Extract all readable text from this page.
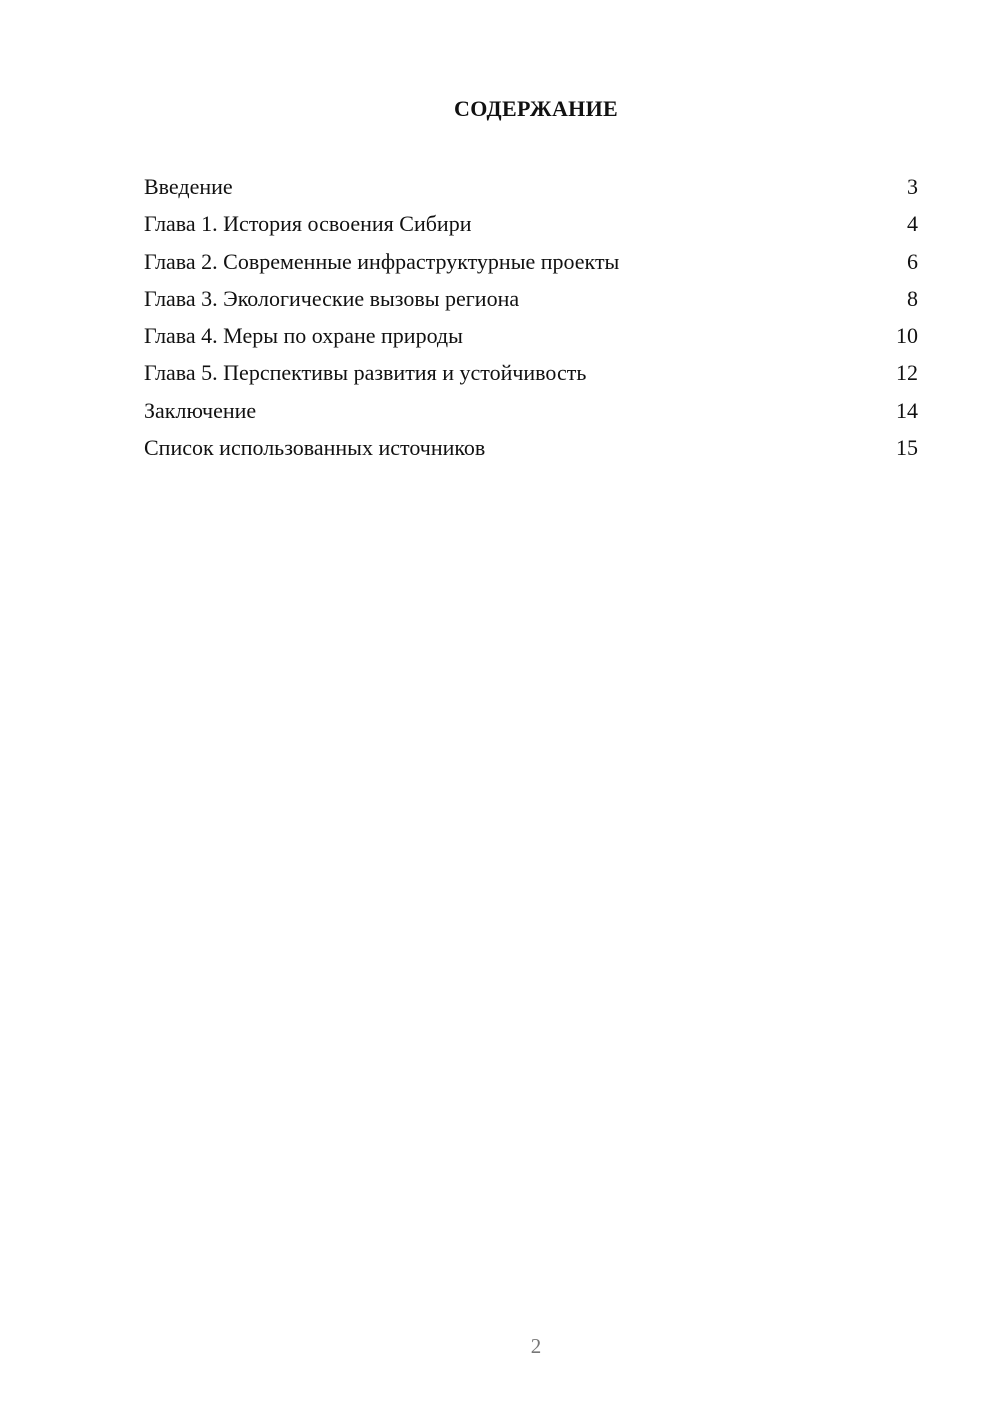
СОДЕРЖАНИЕ
Введение	3
Глава 1. История освоения Сибири	4
Глава 2. Современные инфраструктурные проекты	6
Глава 3. Экологические вызовы региона	8
Глава 4. Меры по охране природы	10
Глава 5. Перспективы развития и устойчивость	12
Заключение	14
Список использованных источников	15
2
